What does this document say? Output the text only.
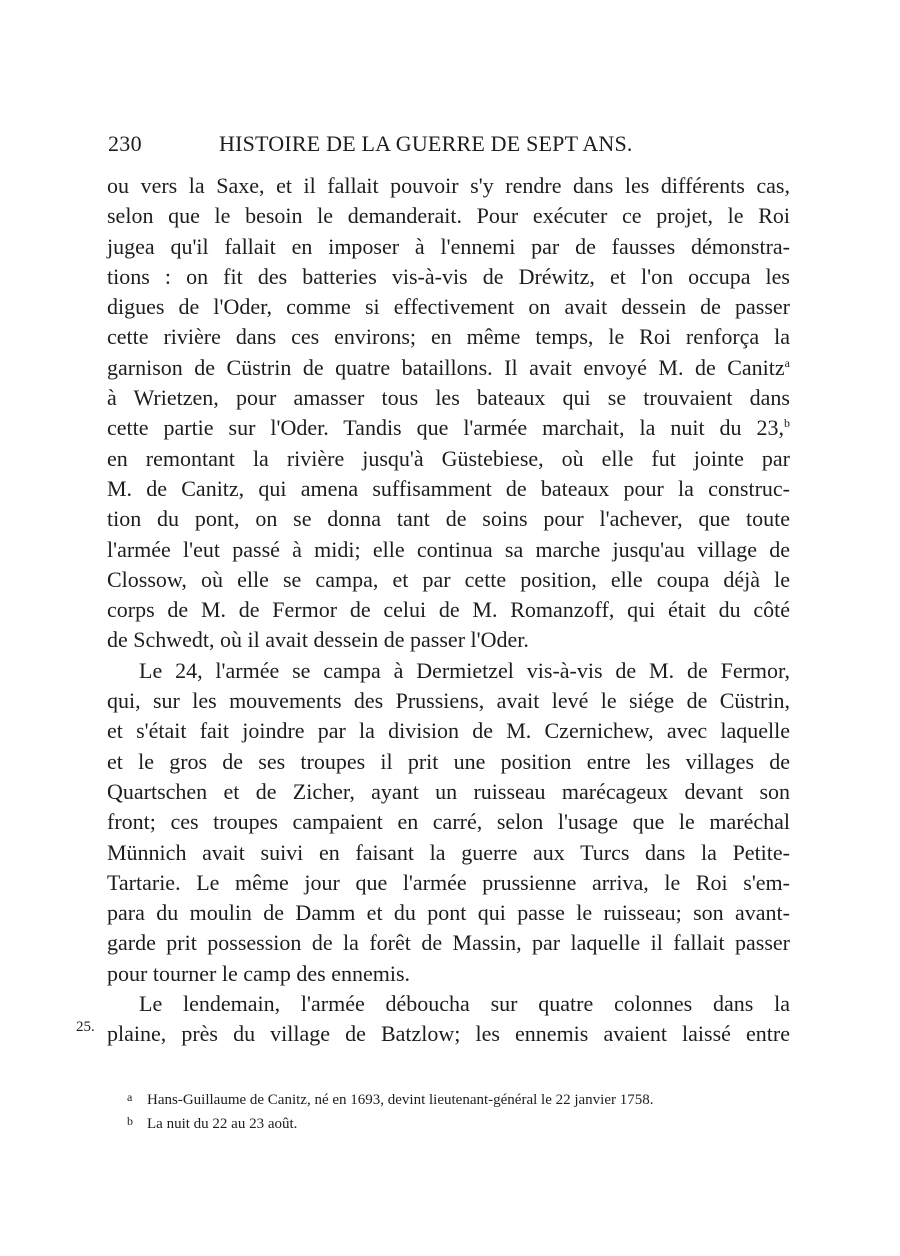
230	HISTOIRE DE LA GUERRE DE SEPT ANS.

ou vers la Saxe, et il fallait pouvoir s'y rendre dans les différents cas,
selon que le besoin le demanderait. Pour exécuter ce projet, le Roi
jugea qu'il fallait en imposer à l'ennemi par de fausses démonstra-
tions : on fit des batteries vis-à-vis de Dréwitz, et l'on occupa les
digues de l'Oder, comme si effectivement on avait dessein de passer
cette rivière dans ces environs; en même temps, le Roi renforça la
garnison de Cüstrin de quatre bataillons. Il avait envoyé M. de Canitz$^a$
à Wrietzen, pour amasser tous les bateaux qui se trouvaient dans
cette partie sur l'Oder. Tandis que l'armée marchait, la nuit du 23,$^b$
en remontant la rivière jusqu'à Güstebiese, où elle fut jointe par
M. de Canitz, qui amena suffisamment de bateaux pour la construc-
tion du pont, on se donna tant de soins pour l'achever, que toute
l'armée l'eut passé à midi; elle continua sa marche jusqu'au village de
Clossow, où elle se campa, et par cette position, elle coupa déjà le
corps de M. de Fermor de celui de M. Romanzoff, qui était du côté
de Schwedt, où il avait dessein de passer l'Oder.

Le 24, l'armée se campa à Dermietzel vis-à-vis de M. de Fermor,
qui, sur les mouvements des Prussiens, avait levé le siége de Cüstrin,
et s'était fait joindre par la division de M. Czernichew, avec laquelle
et le gros de ses troupes il prit une position entre les villages de
Quartschen et de Zicher, ayant un ruisseau marécageux devant son
front; ces troupes campaient en carré, selon l'usage que le maréchal
Münnich avait suivi en faisant la guerre aux Turcs dans la Petite-
Tartarie. Le même jour que l'armée prussienne arriva, le Roi s'em-
para du moulin de Damm et du pont qui passe le ruisseau; son avant-
garde prit possession de la forêt de Massin, par laquelle il fallait passer
pour tourner le camp des ennemis.

Le lendemain, l'armée déboucha sur quatre colonnes dans la
plaine, près du village de Batzlow; les ennemis avaient laissé entre

25.
a Hans-Guillaume de Canitz, né en 1693, devint lieutenant-général le 22 janvier 1758.
b La nuit du 22 au 23 août.
